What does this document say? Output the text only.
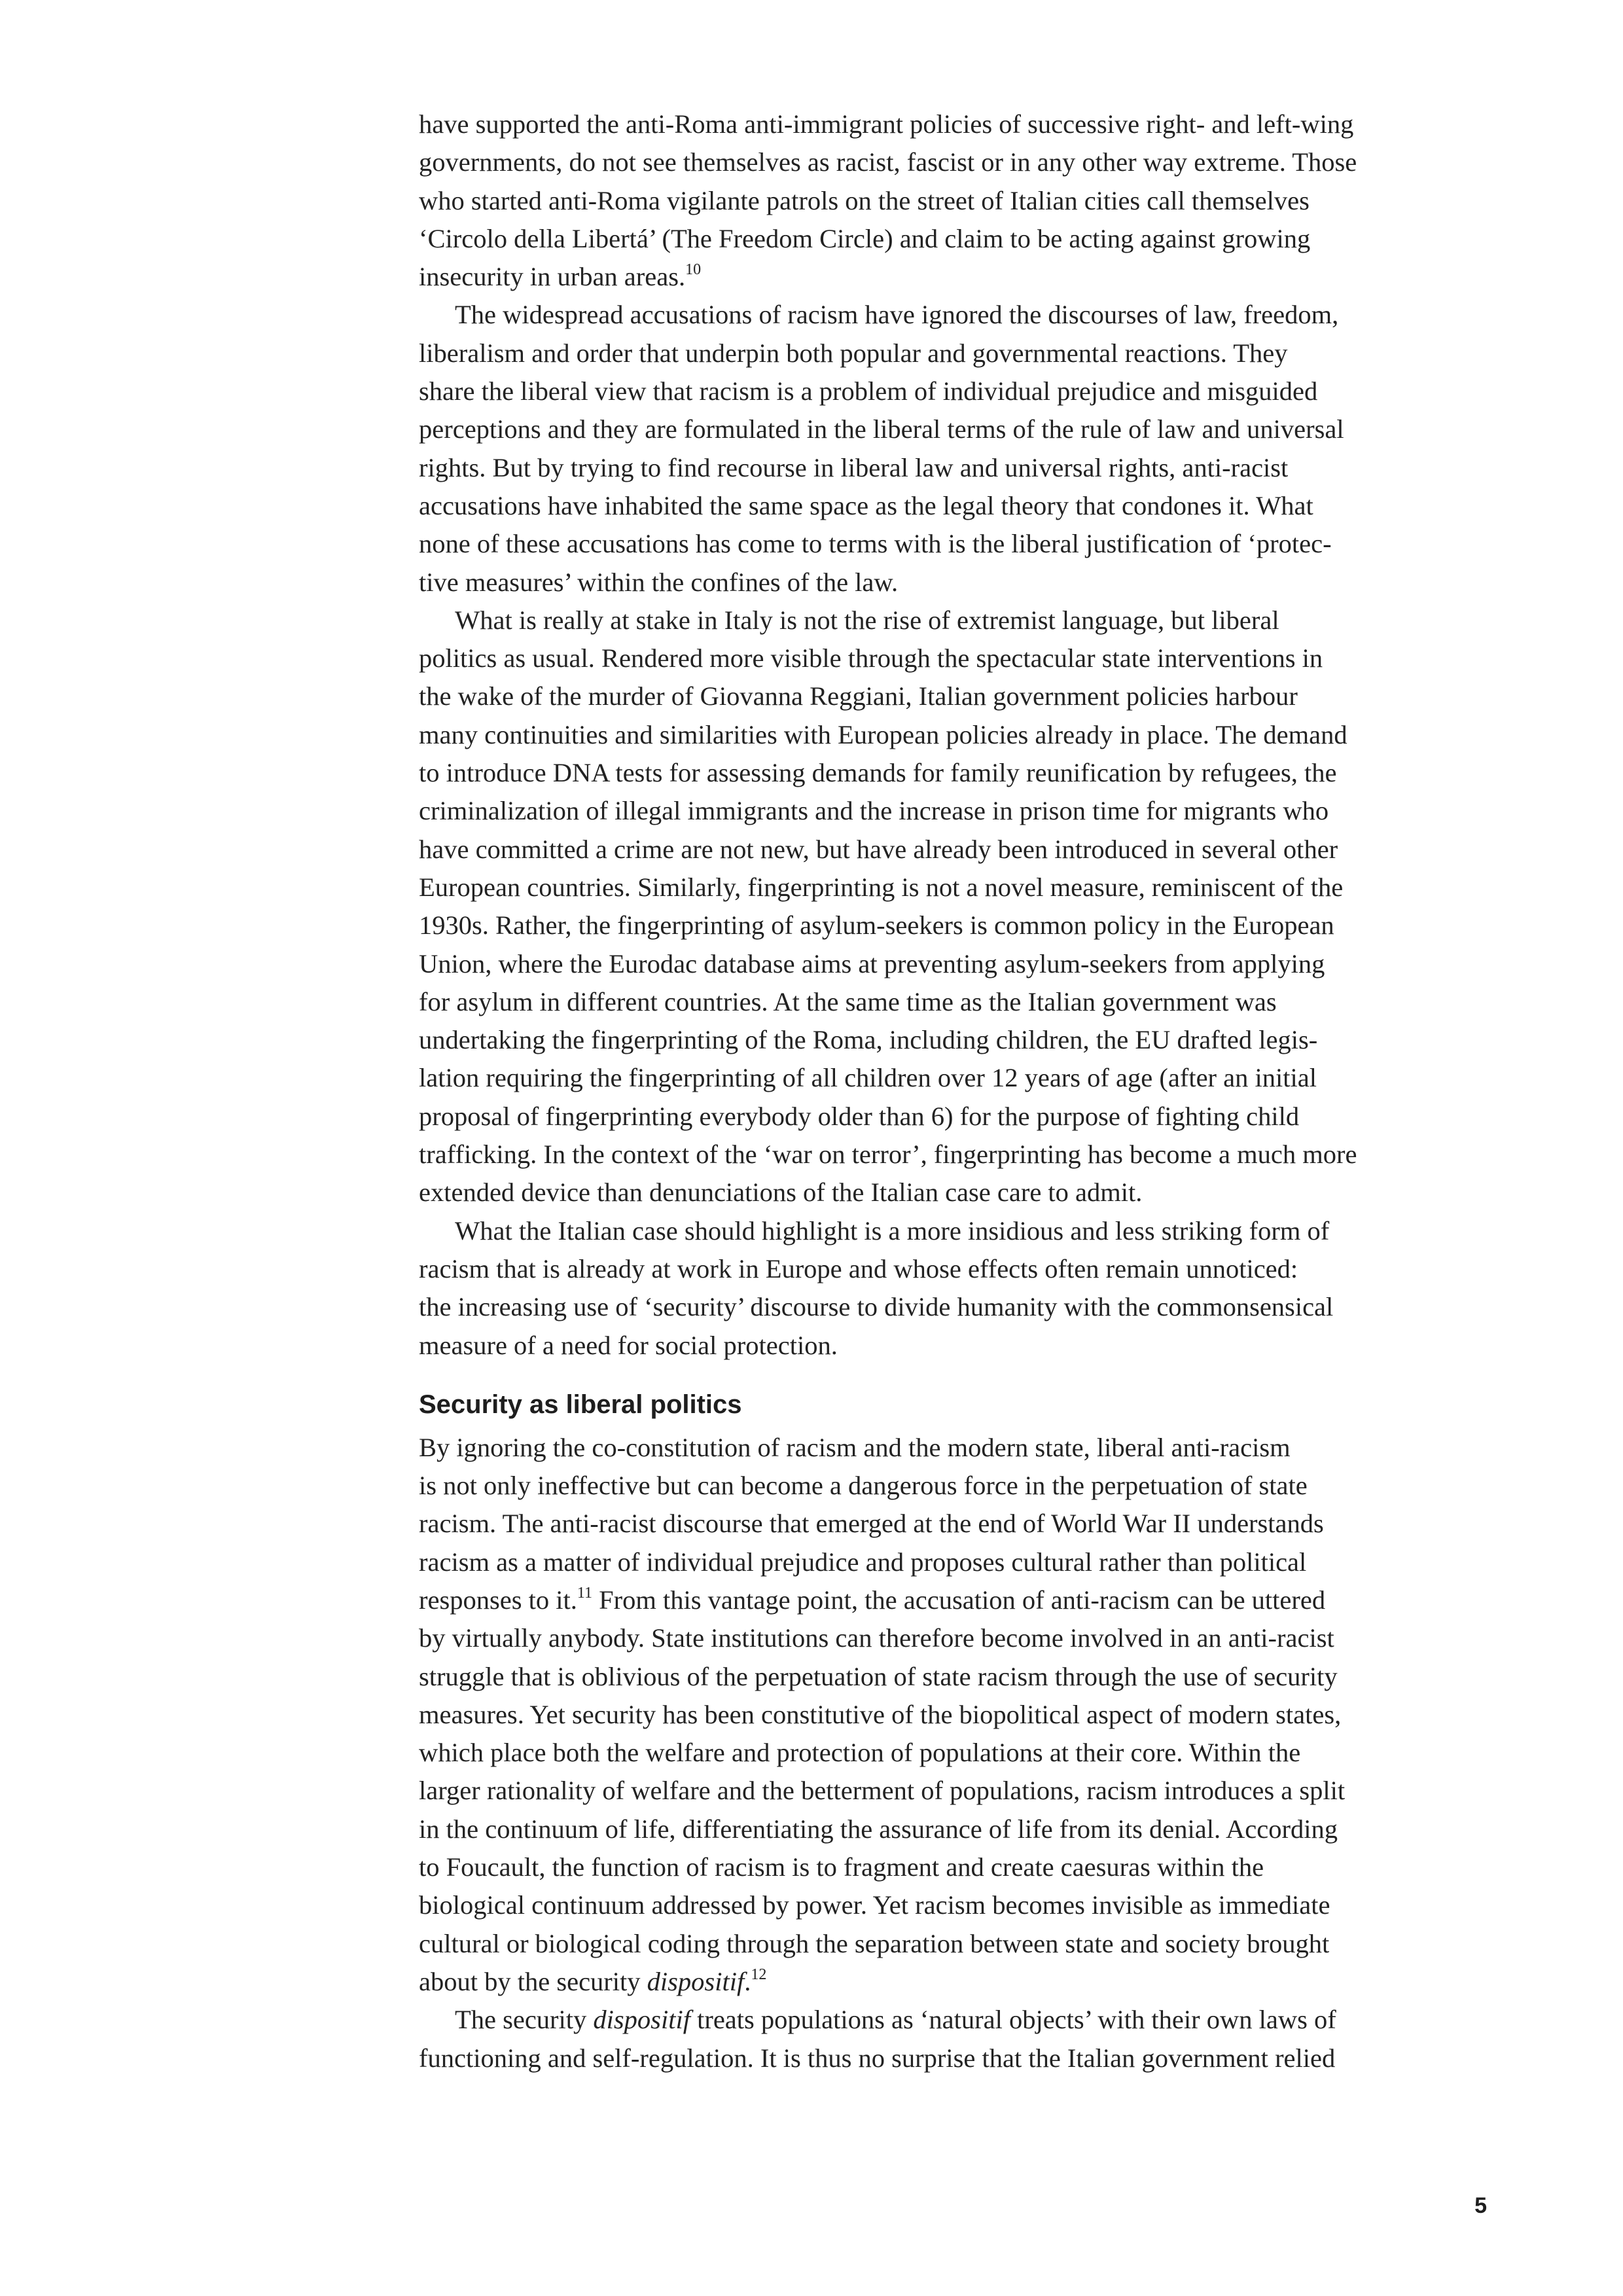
have supported the anti-Roma anti-immigrant policies of successive right- and left-wing
governments, do not see themselves as racist, fascist or in any other way extreme. Those
who started anti-Roma vigilante patrols on the street of Italian cities call themselves
‘Circolo della Libertá’ (The Freedom Circle) and claim to be acting against growing
insecurity in urban areas.$^{10}$

The widespread accusations of racism have ignored the discourses of law, freedom,
liberalism and order that underpin both popular and governmental reactions. They
share the liberal view that racism is a problem of individual prejudice and misguided
perceptions and they are formulated in the liberal terms of the rule of law and universal
rights. But by trying to find recourse in liberal law and universal rights, anti-racist
accusations have inhabited the same space as the legal theory that condones it. What
none of these accusations has come to terms with is the liberal justification of ‘protec-
tive measures’ within the confines of the law.

What is really at stake in Italy is not the rise of extremist language, but liberal
politics as usual. Rendered more visible through the spectacular state interventions in
the wake of the murder of Giovanna Reggiani, Italian government policies harbour
many continuities and similarities with European policies already in place. The demand
to introduce DNA tests for assessing demands for family reunification by refugees, the
criminalization of illegal immigrants and the increase in prison time for migrants who
have committed a crime are not new, but have already been introduced in several other
European countries. Similarly, fingerprinting is not a novel measure, reminiscent of the
1930s. Rather, the fingerprinting of asylum-seekers is common policy in the European
Union, where the Eurodac database aims at preventing asylum-seekers from applying
for asylum in different countries. At the same time as the Italian government was
undertaking the fingerprinting of the Roma, including children, the EU drafted legis-
lation requiring the fingerprinting of all children over 12 years of age (after an initial
proposal of fingerprinting everybody older than 6) for the purpose of fighting child
trafficking. In the context of the ‘war on terror’, fingerprinting has become a much more
extended device than denunciations of the Italian case care to admit.

What the Italian case should highlight is a more insidious and less striking form of
racism that is already at work in Europe and whose effects often remain unnoticed:
the increasing use of ‘security’ discourse to divide humanity with the commonsensical
measure of a need for social protection.

Security as liberal politics

By ignoring the co-constitution of racism and the modern state, liberal anti-racism
is not only ineffective but can become a dangerous force in the perpetuation of state
racism. The anti-racist discourse that emerged at the end of World War II understands
racism as a matter of individual prejudice and proposes cultural rather than political
responses to it.$^{11}$ From this vantage point, the accusation of anti-racism can be uttered
by virtually anybody. State institutions can therefore become involved in an anti-racist
struggle that is oblivious of the perpetuation of state racism through the use of security
measures. Yet security has been constitutive of the biopolitical aspect of modern states,
which place both the welfare and protection of populations at their core. Within the
larger rationality of welfare and the betterment of populations, racism introduces a split
in the continuum of life, differentiating the assurance of life from its denial. According
to Foucault, the function of racism is to fragment and create caesuras within the
biological continuum addressed by power. Yet racism becomes invisible as immediate
cultural or biological coding through the separation between state and society brought
about by the security dispositif.$^{12}$

The security dispositif treats populations as ‘natural objects’ with their own laws of
functioning and self-regulation. It is thus no surprise that the Italian government relied

5
